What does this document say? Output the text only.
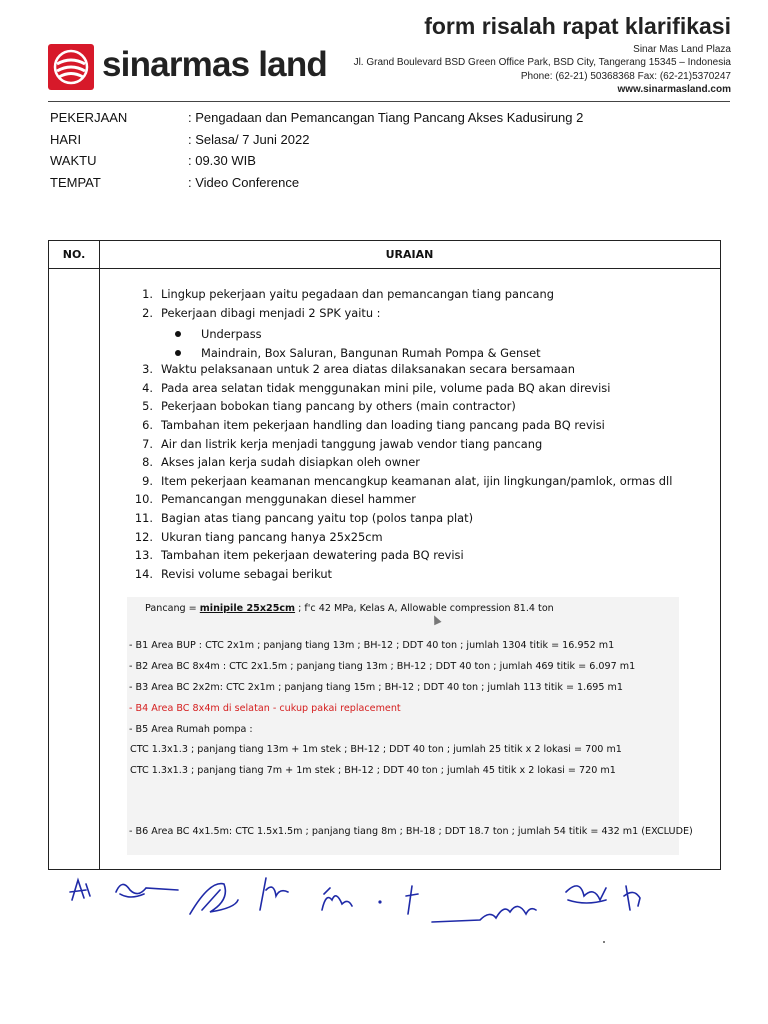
sinarmas land
form risalah rapat klarifikasi
Sinar Mas Land Plaza
Jl. Grand Boulevard BSD Green Office Park, BSD City, Tangerang 15345 – Indonesia
Phone: (62-21) 50368368 Fax: (62-21)5370247
www.sinarmasland.com
PEKERJAAN	: Pengadaan dan Pemancangan Tiang Pancang Akses Kadusirung 2
HARI	: Selasa/ 7 Juni 2022
WAKTU	: 09.30 WIB
TEMPAT	: Video Conference
NO.	URAIAN
1. Lingkup pekerjaan yaitu pegadaan dan pemancangan tiang pancang
2. Pekerjaan dibagi menjadi 2 SPK yaitu :
Underpass
Maindrain, Box Saluran, Bangunan Rumah Pompa & Genset
3. Waktu pelaksanaan untuk 2 area diatas dilaksanakan secara bersamaan
4. Pada area selatan tidak menggunakan mini pile, volume pada BQ akan direvisi
5. Pekerjaan bobokan tiang pancang by others (main contractor)
6. Tambahan item pekerjaan handling dan loading tiang pancang pada BQ revisi
7. Air dan listrik kerja menjadi tanggung jawab vendor tiang pancang
8. Akses jalan kerja sudah disiapkan oleh owner
9. Item pekerjaan keamanan mencangkup keamanan alat, ijin lingkungan/pamlok, ormas dll
10. Pemancangan menggunakan diesel hammer
11. Bagian atas tiang pancang yaitu top (polos tanpa plat)
12. Ukuran tiang pancang hanya 25x25cm
13. Tambahan item pekerjaan dewatering pada BQ revisi
14. Revisi volume sebagai berikut
Pancang = minipile 25x25cm ; f'c 42 MPa, Kelas A, Allowable compression 81.4 ton
- B1 Area BUP : CTC 2x1m ; panjang tiang 13m ; BH-12 ; DDT 40 ton ; jumlah 1304 titik = 16.952 m1
- B2 Area BC 8x4m : CTC 2x1.5m ; panjang tiang 13m ; BH-12 ; DDT 40 ton ; jumlah 469 titik = 6.097 m1
- B3 Area BC 2x2m: CTC 2x1m ; panjang tiang 15m ; BH-12 ; DDT 40 ton ; jumlah 113 titik = 1.695 m1
- B4 Area BC 8x4m di selatan - cukup pakai replacement
- B5 Area Rumah pompa :
CTC 1.3x1.3 ; panjang tiang 13m + 1m stek ; BH-12 ; DDT 40 ton ; jumlah 25 titik x 2 lokasi = 700 m1
CTC 1.3x1.3 ; panjang tiang 7m + 1m stek ; BH-12 ; DDT 40 ton ; jumlah 45 titik x 2 lokasi = 720 m1
- B6 Area BC 4x1.5m: CTC 1.5x1.5m ; panjang tiang 8m ; BH-18 ; DDT 18.7 ton ; jumlah 54 titik = 432 m1 (EXCLUDE)
